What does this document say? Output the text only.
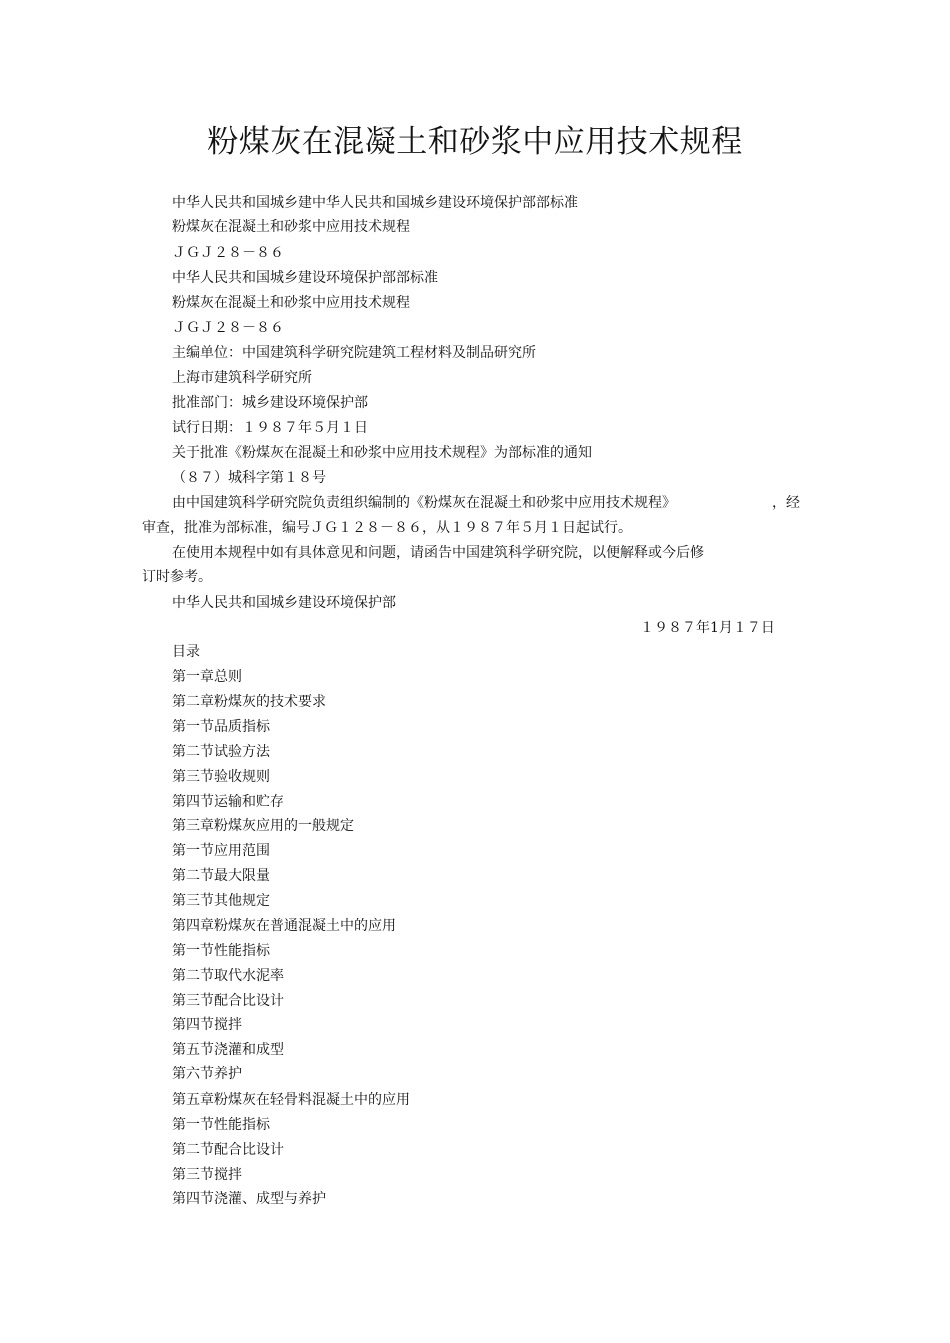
粉煤灰在混凝土和砂浆中应用技术规程
中华人民共和国城乡建中华人民共和国城乡建设环境保护部部标准
粉煤灰在混凝土和砂浆中应用技术规程
ＪＧＪ２８－８６
中华人民共和国城乡建设环境保护部部标准
粉煤灰在混凝土和砂浆中应用技术规程
ＪＧＪ２８－８６
主编单位：中国建筑科学研究院建筑工程材料及制品研究所
上海市建筑科学研究所
批准部门：城乡建设环境保护部
试行日期：１９８７年５月１日
关于批准《粉煤灰在混凝土和砂浆中应用技术规程》为部标准的通知
（８７）城科字第１８号
由中国建筑科学研究院负责组织编制的《粉煤灰在混凝土和砂浆中应用技术规程》	，经
审查，批准为部标准，编号ＪＧ１２８－８６，从１９８７年５月１日起试行。
在使用本规程中如有具体意见和问题，请函告中国建筑科学研究院，以便解释或今后修
订时参考。
中华人民共和国城乡建设环境保护部
１９８７年1月１７日
目录
第一章总则
第二章粉煤灰的技术要求
第一节品质指标
第二节试验方法
第三节验收规则
第四节运输和贮存
第三章粉煤灰应用的一般规定
第一节应用范围
第二节最大限量
第三节其他规定
第四章粉煤灰在普通混凝土中的应用
第一节性能指标
第二节取代水泥率
第三节配合比设计
第四节搅拌
第五节浇灌和成型
第六节养护
第五章粉煤灰在轻骨料混凝土中的应用
第一节性能指标
第二节配合比设计
第三节搅拌
第四节浇灌、成型与养护
